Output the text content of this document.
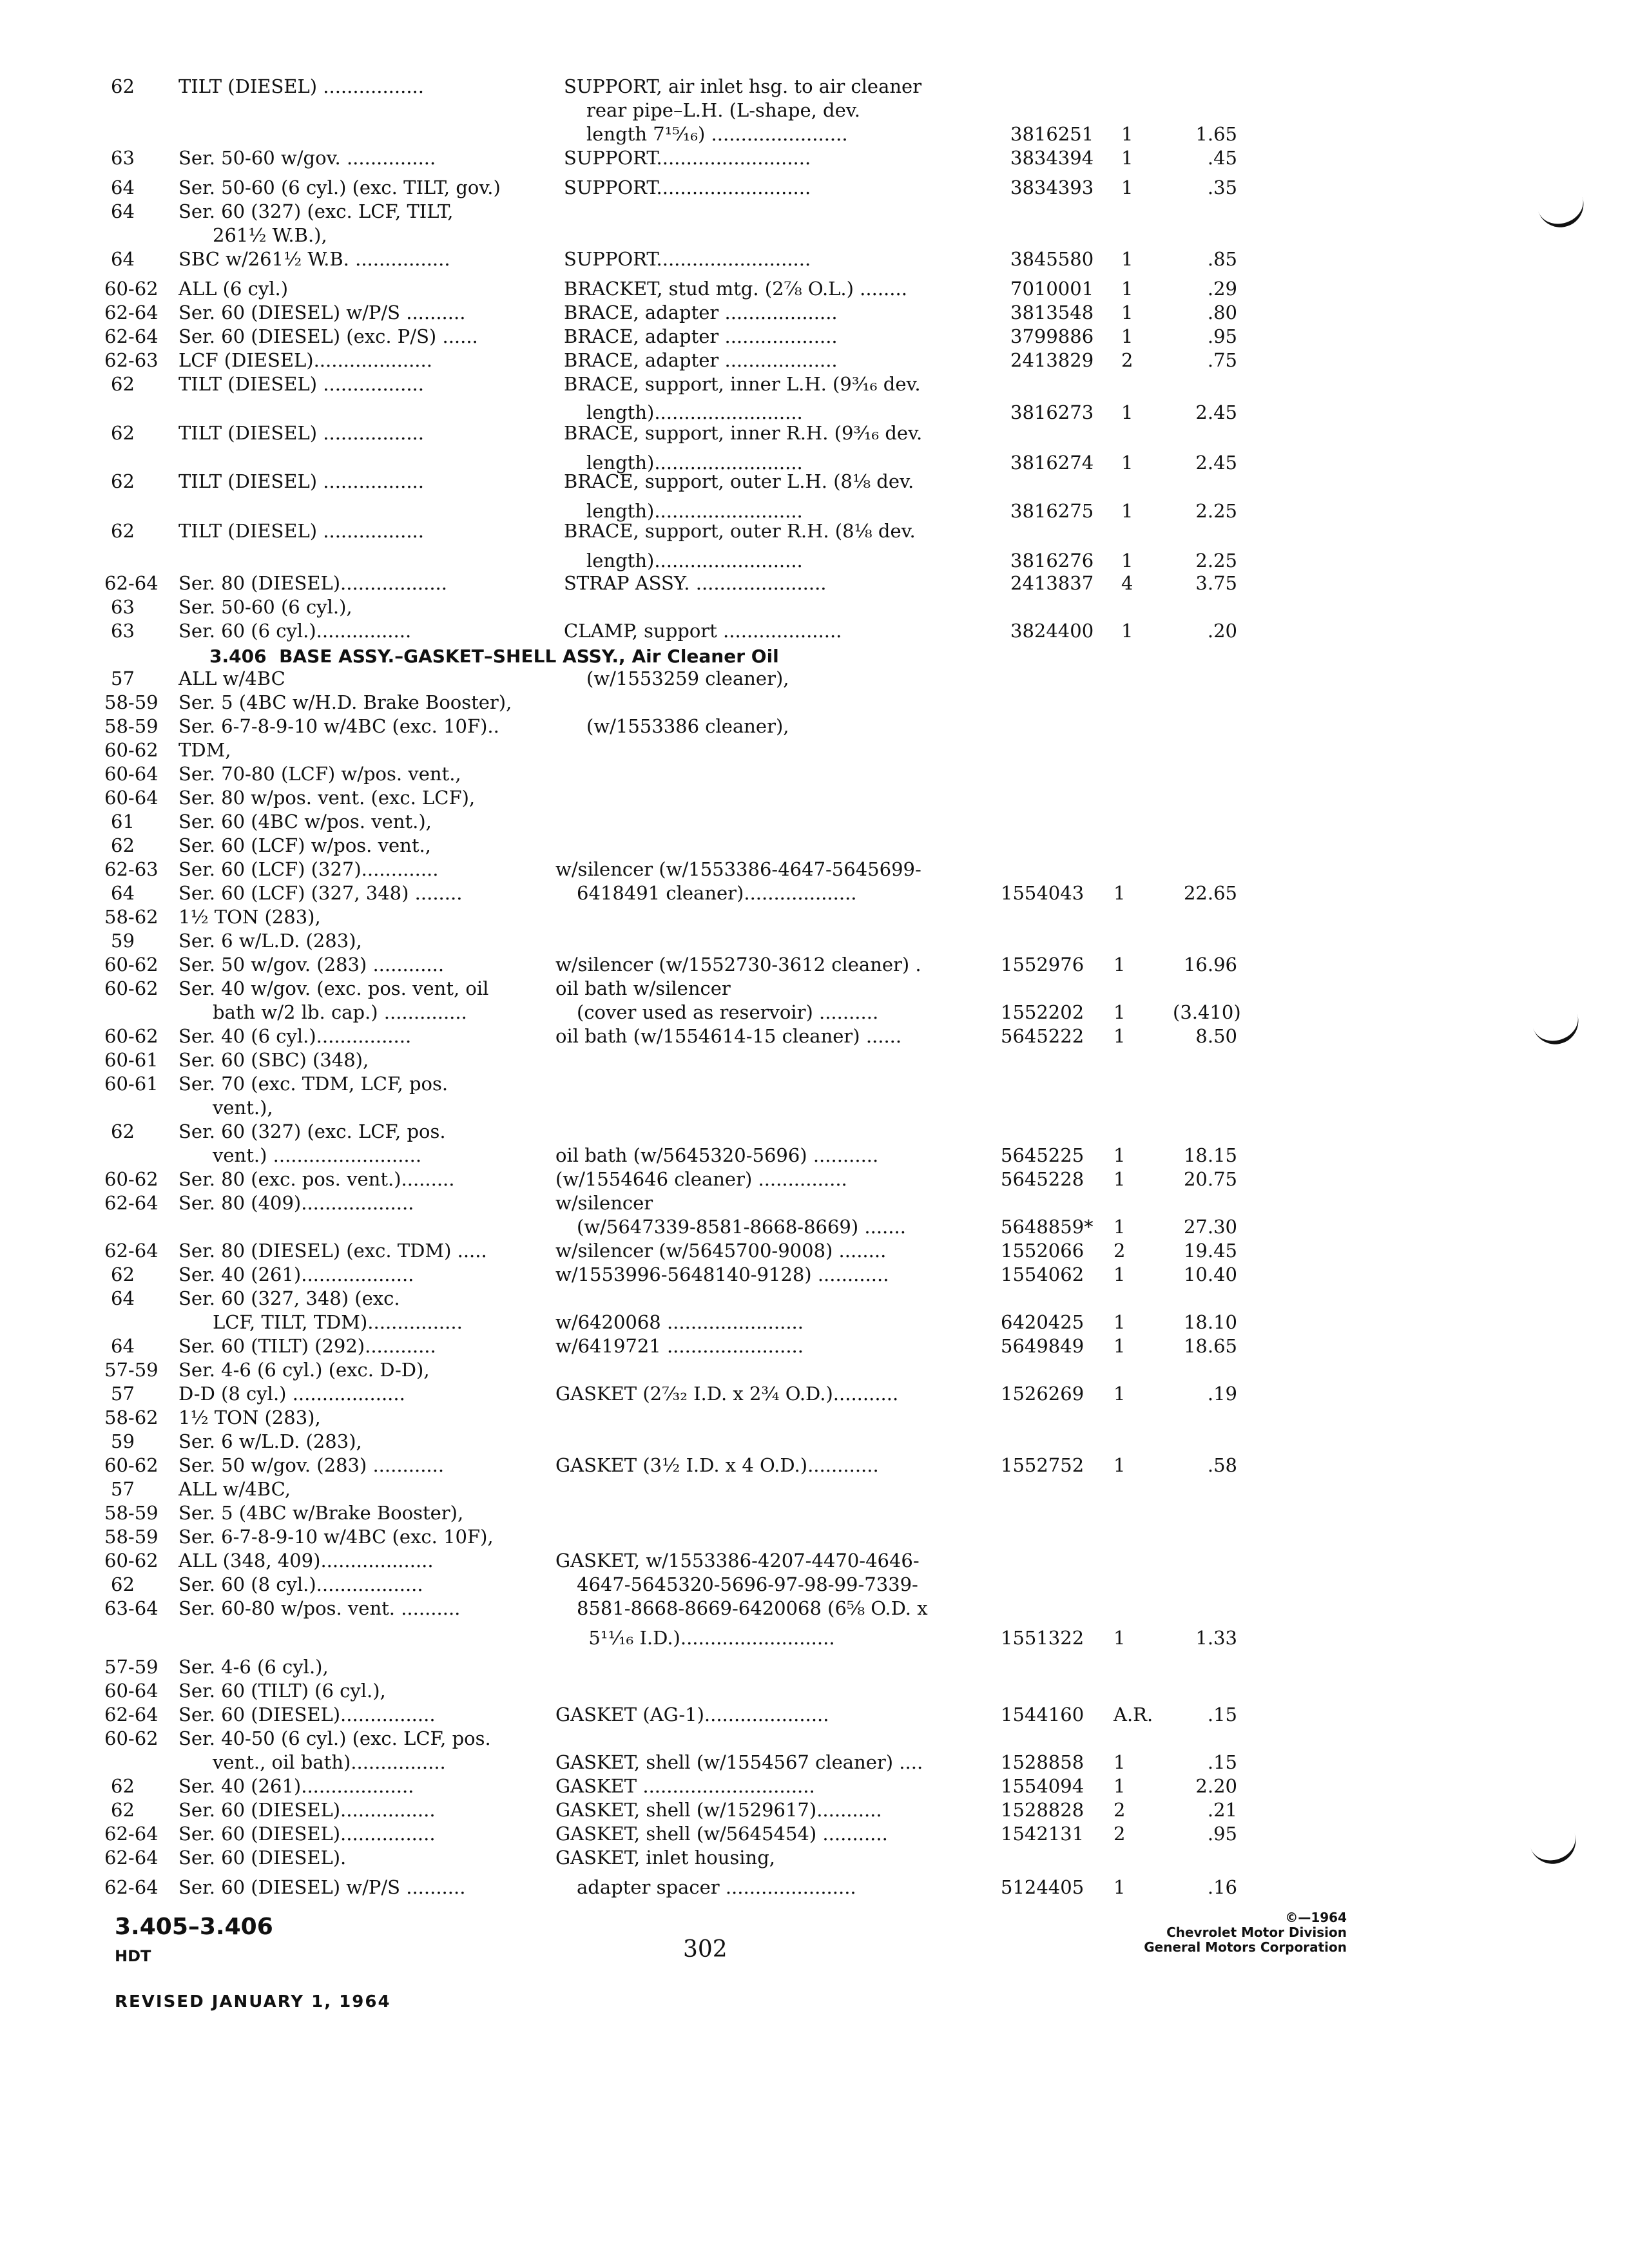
62 TILT (DIESEL) .................	SUPPORT, air inlet hsg. to air cleaner
rear pipe–L.H. (L-shape, dev.
length 7¹⁵⁄₁₆) .......................	3816251 1	1.65
63 Ser. 50-60 w/gov. ...............	SUPPORT..........................	3834394 1	.45
64 Ser. 50-60 (6 cyl.) (exc. TILT, gov.)	SUPPORT..........................	3834393 1	.35
64 Ser. 60 (327) (exc. LCF, TILT,
261½ W.B.),
64 SBC w/261½ W.B. ................	SUPPORT..........................	3845580 1	.85
60-62 ALL (6 cyl.)	BRACKET, stud mtg. (2⅞ O.L.) ........	7010001 1	.29
62-64 Ser. 60 (DIESEL) w/P/S ..........	BRACE, adapter ...................	3813548 1	.80
62-64 Ser. 60 (DIESEL) (exc. P/S) ......	BRACE, adapter ...................	3799886 1	.95
62-63 LCF (DIESEL)....................	BRACE, adapter ...................	2413829 2	.75
62 TILT (DIESEL) .................	BRACE, support, inner L.H. (9³⁄₁₆ dev.
length).........................	3816273 1	2.45
62 TILT (DIESEL) .................	BRACE, support, inner R.H. (9³⁄₁₆ dev.
length).........................	3816274 1	2.45
62 TILT (DIESEL) .................	BRACE, support, outer L.H. (8⅛ dev.
length).........................	3816275 1	2.25
62 TILT (DIESEL) .................	BRACE, support, outer R.H. (8⅛ dev.
length).........................	3816276 1	2.25
62-64 Ser. 80 (DIESEL)..................	STRAP ASSY. ......................	2413837 4	3.75
63 Ser. 50-60 (6 cyl.),
63 Ser. 60 (6 cyl.)................	CLAMP, support ....................	3824400 1	.20
57 ALL w/4BC	(w/1553259 cleaner),
58-59 Ser. 5 (4BC w/H.D. Brake Booster),
58-59 Ser. 6-7-8-9-10 w/4BC (exc. 10F)..	(w/1553386 cleaner),
60-62 TDM,
60-64 Ser. 70-80 (LCF) w/pos. vent.,
60-64 Ser. 80 w/pos. vent. (exc. LCF),
61 Ser. 60 (4BC w/pos. vent.),
62 Ser. 60 (LCF) w/pos. vent.,
62-63 Ser. 60 (LCF) (327).............	w/silencer (w/1553386-4647-5645699-
64 Ser. 60 (LCF) (327, 348) ........	6418491 cleaner)...................	1554043 1	22.65
58-62 1½ TON (283),
59 Ser. 6 w/L.D. (283),
60-62 Ser. 50 w/gov. (283) ............	w/silencer (w/1552730-3612 cleaner) .	1552976 1	16.96
60-62 Ser. 40 w/gov. (exc. pos. vent, oil	oil bath w/silencer
bath w/2 lb. cap.) ..............	(cover used as reservoir) ..........	1552202 1	(3.410)
60-62 Ser. 40 (6 cyl.)................	oil bath (w/1554614-15 cleaner) ......	5645222 1	8.50
60-61 Ser. 60 (SBC) (348),
60-61 Ser. 70 (exc. TDM, LCF, pos.
vent.),
62 Ser. 60 (327) (exc. LCF, pos.
vent.) .........................	oil bath (w/5645320-5696) ...........	5645225 1	18.15
60-62 Ser. 80 (exc. pos. vent.).........	(w/1554646 cleaner) ...............	5645228 1	20.75
62-64 Ser. 80 (409)...................	w/silencer
(w/5647339-8581-8668-8669) .......	5648859* 1	27.30
62-64 Ser. 80 (DIESEL) (exc. TDM) .....	w/silencer (w/5645700-9008) ........	1552066 2	19.45
62 Ser. 40 (261)...................	w/1553996-5648140-9128) ............	1554062 1	10.40
64 Ser. 60 (327, 348) (exc.
LCF, TILT, TDM)................	w/6420068 .......................	6420425 1	18.10
64 Ser. 60 (TILT) (292)............	w/6419721 .......................	5649849 1	18.65
57-59 Ser. 4-6 (6 cyl.) (exc. D-D),
57 D-D (8 cyl.) ...................	GASKET (2⁷⁄₃₂ I.D. x 2¾ O.D.)...........	1526269 1	.19
58-62 1½ TON (283),
59 Ser. 6 w/L.D. (283),
60-62 Ser. 50 w/gov. (283) ............	GASKET (3½ I.D. x 4 O.D.)............	1552752 1	.58
57 ALL w/4BC,
58-59 Ser. 5 (4BC w/Brake Booster),
58-59 Ser. 6-7-8-9-10 w/4BC (exc. 10F),
60-62 ALL (348, 409)...................	GASKET, w/1553386-4207-4470-4646-
62 Ser. 60 (8 cyl.)..................	4647-5645320-5696-97-98-99-7339-
63-64 Ser. 60-80 w/pos. vent. ..........	8581-8668-8669-6420068 (6⅝ O.D. x
5¹¹⁄₁₆ I.D.)..........................	1551322 1	1.33
57-59 Ser. 4-6 (6 cyl.),
60-64 Ser. 60 (TILT) (6 cyl.),
62-64 Ser. 60 (DIESEL)................	GASKET (AG-1).....................	1544160 A.R.	.15
60-62 Ser. 40-50 (6 cyl.) (exc. LCF, pos.
vent., oil bath)................	GASKET, shell (w/1554567 cleaner) ....	1528858 1	.15
62 Ser. 40 (261)...................	GASKET .............................	1554094 1	2.20
62 Ser. 60 (DIESEL)................	GASKET, shell (w/1529617)...........	1528828 2	.21
62-64 Ser. 60 (DIESEL)................	GASKET, shell (w/5645454) ...........	1542131 2	.95
62-64 Ser. 60 (DIESEL).	GASKET, inlet housing,
62-64 Ser. 60 (DIESEL) w/P/S ..........	adapter spacer ......................	5124405 1	.16
3.406  BASE ASSY.–GASKET–SHELL ASSY., Air Cleaner Oil
3.405–3.406
HDT	302
REVISED JANUARY 1, 1964
©—1964
Chevrolet Motor Division
General Motors Corporation
